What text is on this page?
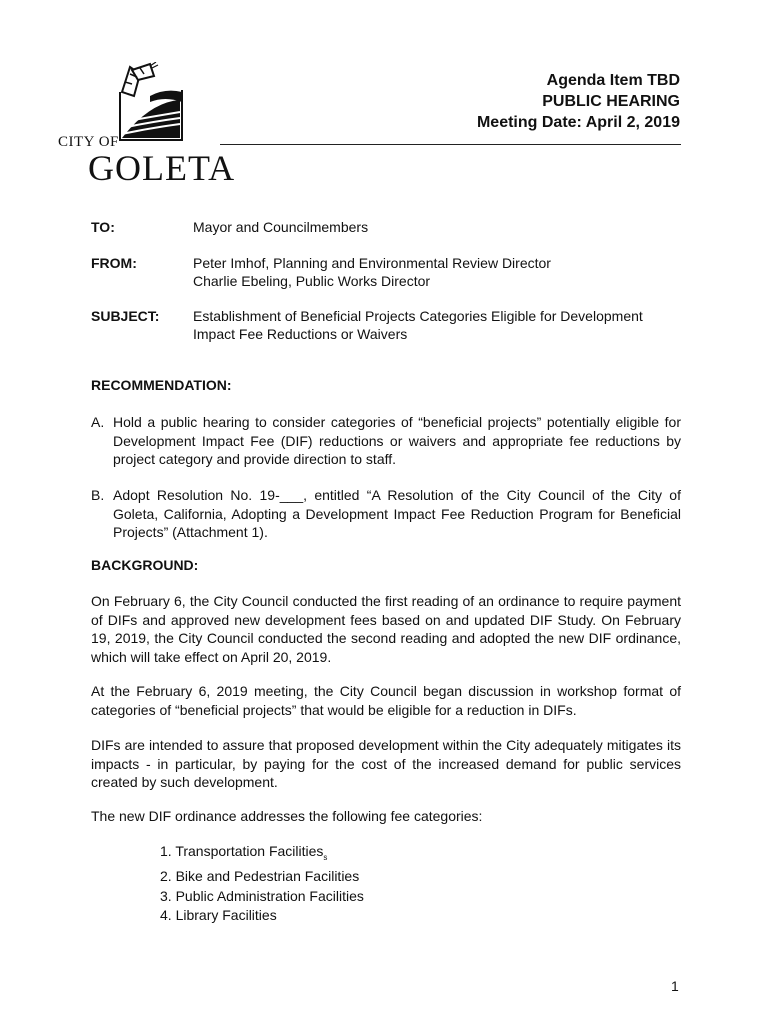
CITY OF
GOLETA
Agenda Item TBD
PUBLIC HEARING
Meeting Date: April 2, 2019
TO:	Mayor and Councilmembers
FROM:	Peter Imhof, Planning and Environmental Review Director
Charlie Ebeling, Public Works Director
SUBJECT:	Establishment of Beneficial Projects Categories Eligible for Development Impact Fee Reductions or Waivers
RECOMMENDATION:
A. Hold a public hearing to consider categories of “beneficial projects” potentially eligible for Development Impact Fee (DIF) reductions or waivers and appropriate fee reductions by project category and provide direction to staff.
B. Adopt Resolution No. 19-___, entitled “A Resolution of the City Council of the City of Goleta, California, Adopting a Development Impact Fee Reduction Program for Beneficial Projects” (Attachment 1).
BACKGROUND:
On February 6, the City Council conducted the first reading of an ordinance to require payment of DIFs and approved new development fees based on and updated DIF Study. On February 19, 2019, the City Council conducted the second reading and adopted the new DIF ordinance, which will take effect on April 20, 2019.
At the February 6, 2019 meeting, the City Council began discussion in workshop format of categories of “beneficial projects” that would be eligible for a reduction in DIFs.
DIFs are intended to assure that proposed development within the City adequately mitigates its impacts - in particular, by paying for the cost of the increased demand for public services created by such development.
The new DIF ordinance addresses the following fee categories:
1. Transportation Facilities$_s$
2. Bike and Pedestrian Facilities
3. Public Administration Facilities
4. Library Facilities
1
